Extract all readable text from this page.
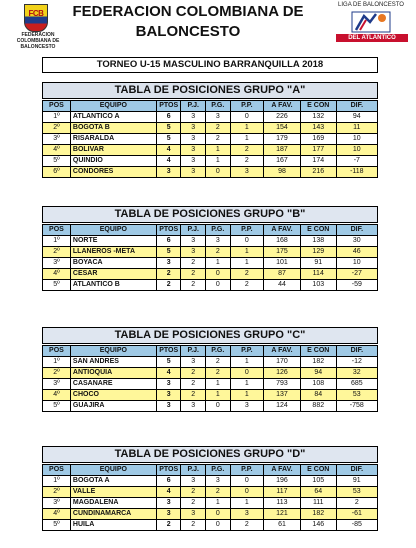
FCB
FEDERACION COLOMBIANA DE BALONCESTO
FEDERACION COLOMBIANA DE BALONCESTO
LIGA DE BALONCESTO
DEL ATLANTICO
TORNEO U-15 MASCULINO BARRANQUILLA 2018
TABLA DE POSICIONES GRUPO "A"
POS	EQUIPO	PTOS	P.J.	P.G.	P.P.	A FAV.	E CON	DIF.
1º	ATLANTICO A	6	3	3	0	226	132	94
2º	BOGOTA B	5	3	2	1	154	143	11
3º	RISARALDA	5	3	2	1	179	169	10
4º	BOLIVAR	4	3	1	2	187	177	10
5º	QUINDIO	4	3	1	2	167	174	-7
6º	CONDORES	3	3	0	3	98	216	-118
TABLA DE POSICIONES GRUPO "B"
POS	EQUIPO	PTOS	P.J.	P.G.	P.P.	A FAV.	E CON	DIF.
1º	NORTE	6	3	3	0	168	138	30
2º	LLANEROS -META	5	3	2	1	175	129	46
3º	BOYACA	3	2	1	1	101	91	10
4º	CESAR	2	2	0	2	87	114	-27
5º	ATLANTICO B	2	2	0	2	44	103	-59
TABLA DE POSICIONES GRUPO "C"
POS	EQUIPO	PTOS	P.J.	P.G.	P.P.	A FAV.	E CON	DIF.
1º	SAN ANDRES	5	3	2	1	170	182	-12
2º	ANTIOQUIA	4	2	2	0	126	94	32
3º	CASANARE	3	2	1	1	793	108	685
4º	CHOCO	3	2	1	1	137	84	53
5º	GUAJIRA	3	3	0	3	124	882	-758
TABLA DE POSICIONES GRUPO "D"
POS	EQUIPO	PTOS	P.J.	P.G.	P.P.	A FAV.	E CON	DIF.
1º	BOGOTA A	6	3	3	0	196	105	91
2º	VALLE	4	2	2	0	117	64	53
3º	MAGDALENA	3	2	1	1	113	111	2
4º	CUNDINAMARCA	3	3	0	3	121	182	-61
5º	HUILA	2	2	0	2	61	146	-85
